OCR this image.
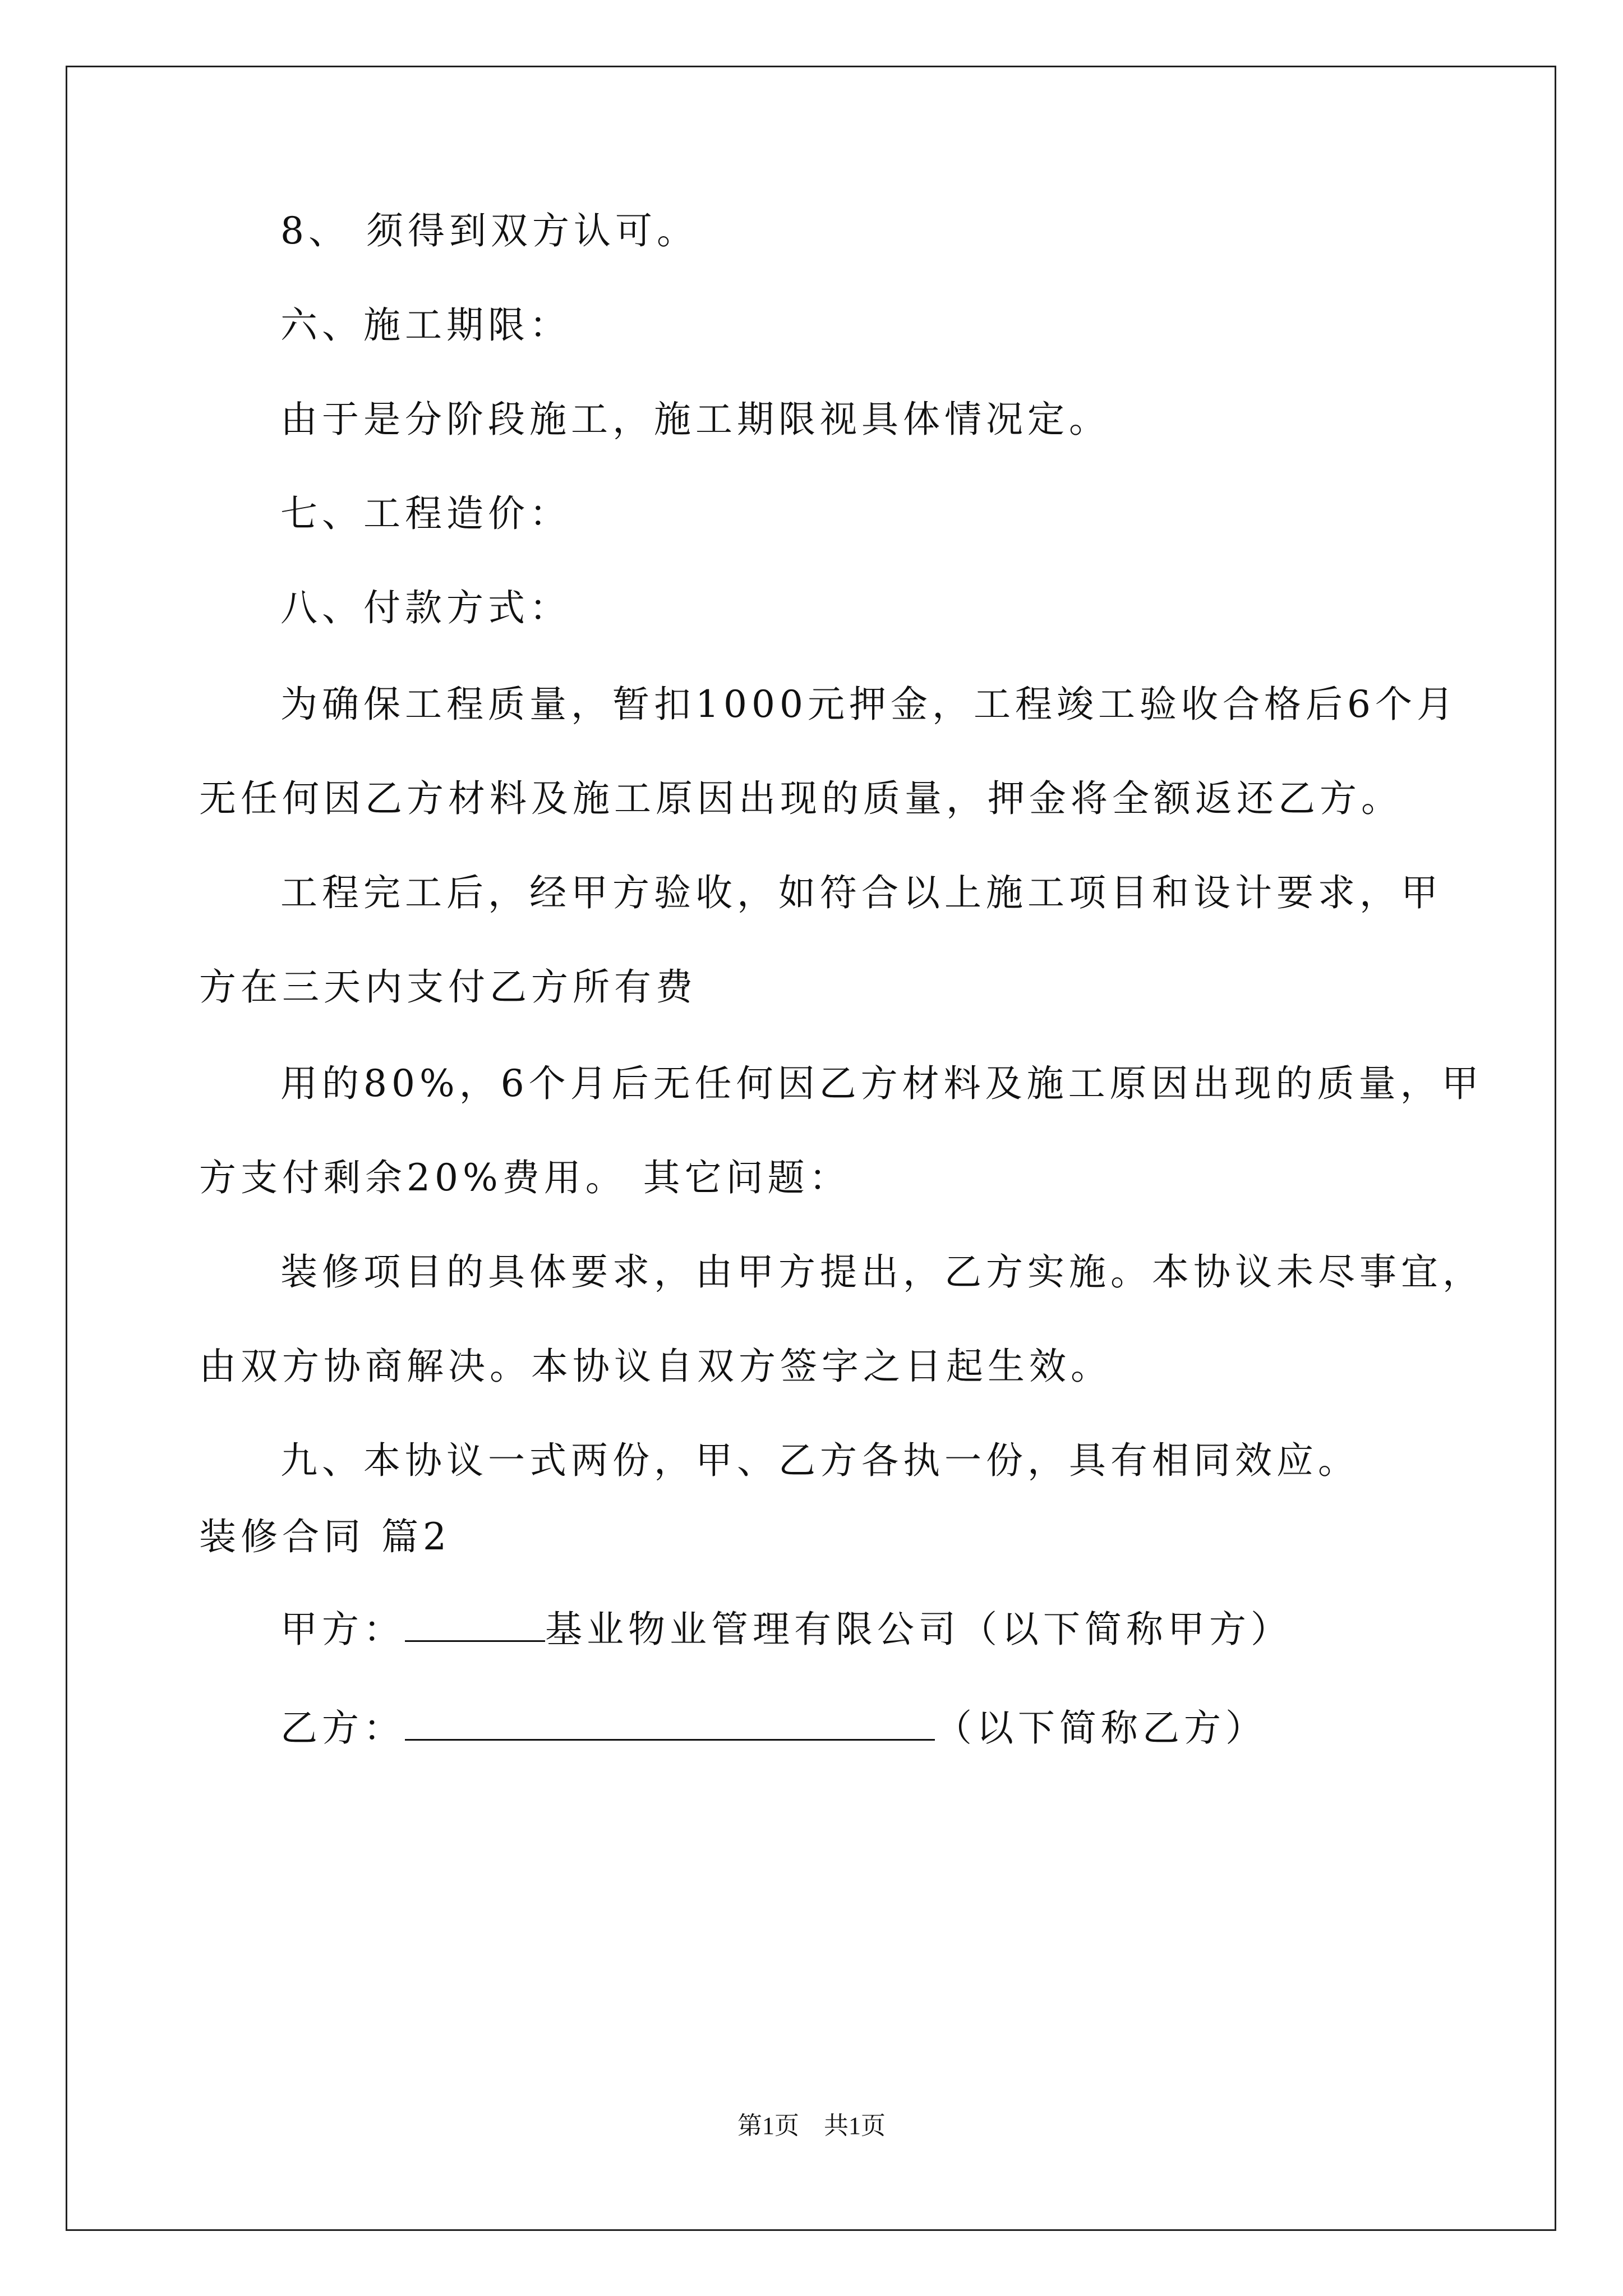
8、 须得到双方认可。
六、施工期限：
由于是分阶段施工，施工期限视具体情况定。
七、工程造价：
八、付款方式：
为确保工程质量，暂扣1000元押金，工程竣工验收合格后6个月
无任何因乙方材料及施工原因出现的质量，押金将全额返还乙方。
工程完工后，经甲方验收，如符合以上施工项目和设计要求，甲
方在三天内支付乙方所有费
用的80%，6个月后无任何因乙方材料及施工原因出现的质量，甲
方支付剩余20%费用。 其它问题：
装修项目的具体要求，由甲方提出，乙方实施。本协议未尽事宜，
由双方协商解决。本协议自双方签字之日起生效。
九、本协议一式两份，甲、乙方各执一份，具有相同效应。
装修合同 篇2
甲方：	基业物业管理有限公司（以下简称甲方）
乙方：	（以下简称乙方）
第1页　共1页
